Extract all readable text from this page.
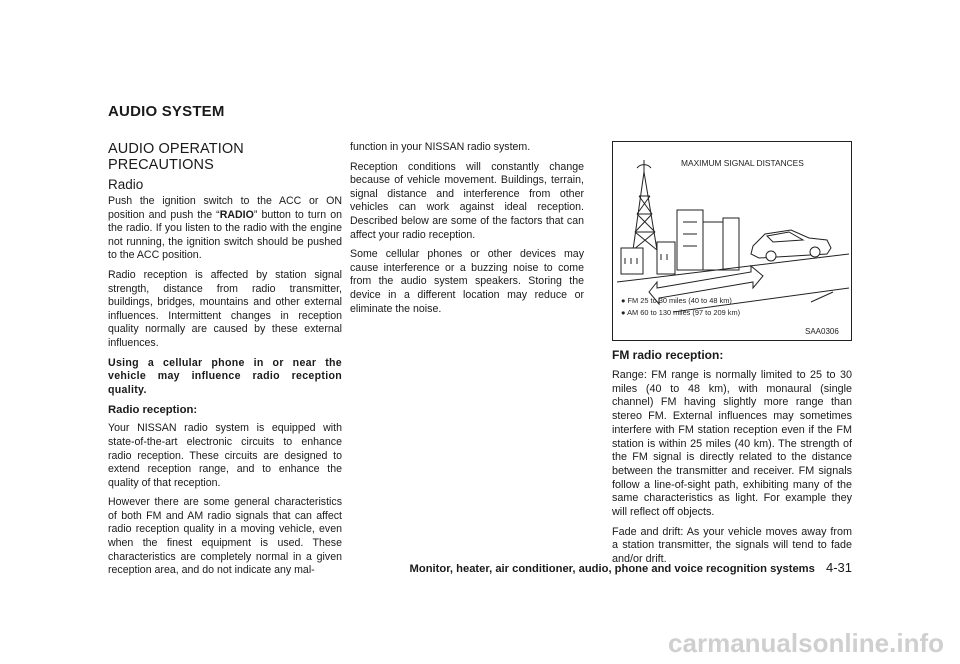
AUDIO SYSTEM
AUDIO OPERATION PRECAUTIONS
Radio

Push the ignition switch to the ACC or ON position and push the “RADIO” button to turn on the radio. If you listen to the radio with the engine not running, the ignition switch should be pushed to the ACC position.

Radio reception is affected by station signal strength, distance from radio transmitter, buildings, bridges, mountains and other external influences. Intermittent changes in reception quality normally are caused by these external influences.

Using a cellular phone in or near the vehicle may influence radio reception quality.

Radio reception:

Your NISSAN radio system is equipped with state-of-the-art electronic circuits to enhance radio reception. These circuits are designed to extend reception range, and to enhance the quality of that reception.

However there are some general characteristics of both FM and AM radio signals that can affect radio reception quality in a moving vehicle, even when the finest equipment is used. These characteristics are completely normal in a given reception area, and do not indicate any mal-

function in your NISSAN radio system.

Reception conditions will constantly change because of vehicle movement. Buildings, terrain, signal distance and interference from other vehicles can work against ideal reception. Described below are some of the factors that can affect your radio reception.

Some cellular phones or other devices may cause interference or a buzzing noise to come from the audio system speakers. Storing the device in a different location may reduce or eliminate the noise.

MAXIMUM SIGNAL DISTANCES
● FM 25 to 30 miles (40 to 48 km)
● AM 60 to 130 miles (97 to 209 km)
SAA0306
FM radio reception:

Range: FM range is normally limited to 25 to 30 miles (40 to 48 km), with monaural (single channel) FM having slightly more range than stereo FM. External influences may sometimes interfere with FM station reception even if the FM station is within 25 miles (40 km). The strength of the FM signal is directly related to the distance between the transmitter and receiver. FM signals follow a line-of-sight path, exhibiting many of the same characteristics as light. For example they will reflect off objects.

Fade and drift: As your vehicle moves away from a station transmitter, the signals will tend to fade and/or drift.

Monitor, heater, air conditioner, audio, phone and voice recognition systems 4-31
carmanualsonline.info
